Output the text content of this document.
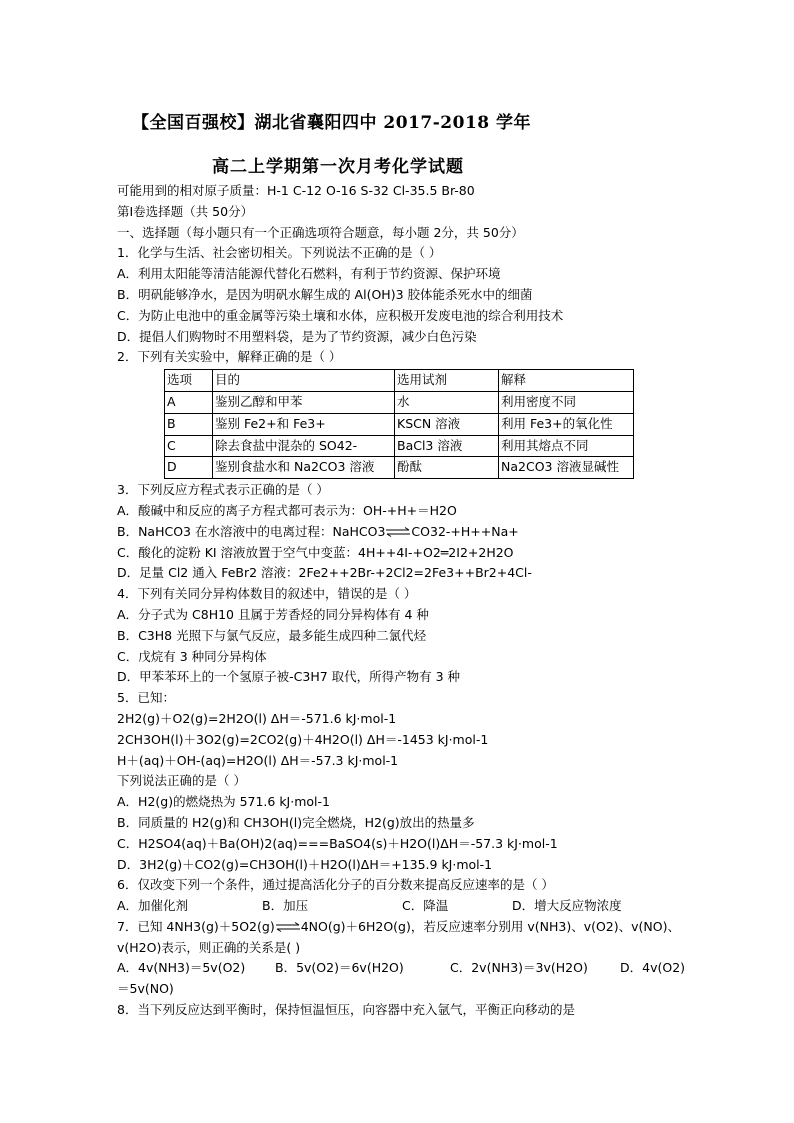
【全国百强校】湖北省襄阳四中 2017-2018 学年
高二上学期第一次月考化学试题
可能用到的相对原子质量：H-1 C-12 O-16 S-32 Cl-35.5 Br-80
第Ⅰ卷选择题（共 50分）
一、选择题（每小题只有一个正确选项符合题意，每小题 2分，共 50分）
1．化学与生活、社会密切相关。下列说法不正确的是（ ）
A．利用太阳能等清洁能源代替化石燃料，有利于节约资源、保护环境
B．明矾能够净水，是因为明矾水解生成的 Al(OH)3 胶体能杀死水中的细菌
C．为防止电池中的重金属等污染土壤和水体，应积极开发废电池的综合利用技术
D．提倡人们购物时不用塑料袋，是为了节约资源，减少白色污染
2．下列有关实验中，解释正确的是（ ）
选项	目的	选用试剂	解释
A	鉴别乙醇和甲苯	水	利用密度不同
B	鉴别 Fe2+和 Fe3+	KSCN 溶液	利用 Fe3+的氧化性
C	除去食盐中混杂的 SO42-	BaCl3 溶液	利用其熔点不同
D	鉴别食盐水和 Na2CO3 溶液	酚酞	Na2CO3 溶液显碱性
3．下列反应方程式表示正确的是（ ）
A．酸碱中和反应的离子方程式都可表示为：OH-+H+＝H2O
B．NaHCO3 在水溶液中的电离过程：NaHCO3⇌CO32-+H++Na+
C．酸化的淀粉 KI 溶液放置于空气中变蓝：4H++4I-+O2═2I2+2H2O
D．足量 Cl2 通入 FeBr2 溶液：2Fe2++2Br-+2Cl2=2Fe3++Br2+4Cl-
4．下列有关同分异构体数目的叙述中，错误的是（ ）
A．分子式为 C8H10 且属于芳香烃的同分异构体有 4 种
B．C3H8 光照下与氯气反应，最多能生成四种二氯代烃
C．戊烷有 3 种同分异构体
D．甲苯苯环上的一个氢原子被-C3H7 取代，所得产物有 3 种
5．已知：
2H2(g)＋O2(g)=2H2O(l) ΔH＝-571.6 kJ·mol-1
2CH3OH(l)＋3O2(g)=2CO2(g)＋4H2O(l) ΔH＝-1453 kJ·mol-1
H＋(aq)＋OH-(aq)=H2O(l) ΔH＝-57.3 kJ·mol-1
下列说法正确的是（ ）
A．H2(g)的燃烧热为 571.6 kJ·mol-1
B．同质量的 H2(g)和 CH3OH(l)完全燃烧，H2(g)放出的热量多
C．H2SO4(aq)＋Ba(OH)2(aq)===BaSO4(s)＋H2O(l)ΔH＝-57.3 kJ·mol-1
D．3H2(g)＋CO2(g)=CH3OH(l)＋H2O(l)ΔH＝+135.9 kJ·mol-1
6．仅改变下列一个条件，通过提高活化分子的百分数来提高反应速率的是（ ）
A．加催化剂	B．加压	C．降温	D．增大反应物浓度
7．已知 4NH3(g)＋5O2(g)⇌4NO(g)＋6H2O(g)，若反应速率分别用 v(NH3)、v(O2)、v(NO)、
v(H2O)表示，则正确的关系是( )
A．4v(NH3)＝5v(O2)	B．5v(O2)＝6v(H2O)	C．2v(NH3)＝3v(H2O)	D．4v(O2)
＝5v(NO)
8．当下列反应达到平衡时，保持恒温恒压，向容器中充入氩气，平衡正向移动的是
